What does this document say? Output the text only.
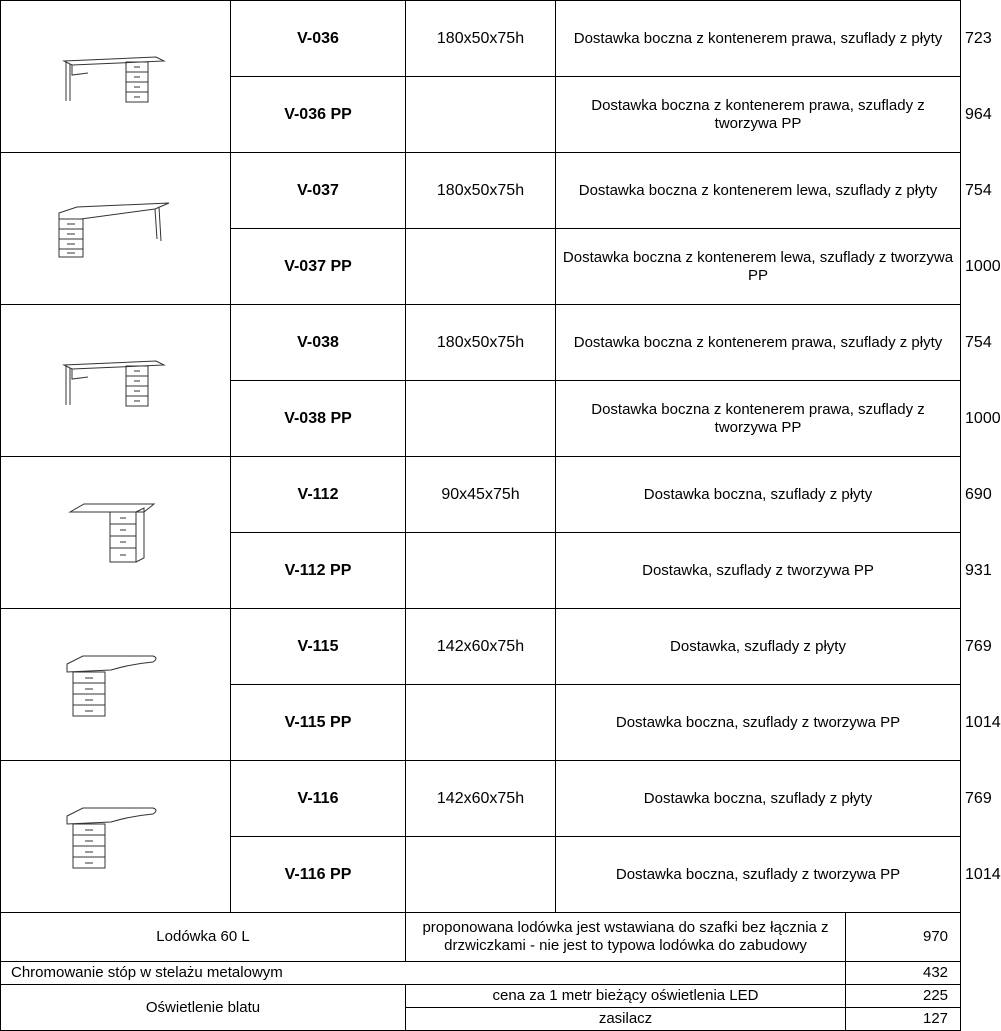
	V-036	180x50x75h	Dostawka boczna z kontenerem prawa, szuflady z płyty		723
	V-036 PP		Dostawka boczna z kontenerem prawa, szuflady z tworzywa PP		964

	V-037	180x50x75h	Dostawka boczna z kontenerem lewa, szuflady z płyty		754
	V-037 PP		Dostawka boczna z kontenerem lewa, szuflady z tworzywa PP		1000

	V-038	180x50x75h	Dostawka boczna z kontenerem prawa, szuflady z płyty		754
	V-038 PP		Dostawka boczna z kontenerem prawa, szuflady z tworzywa PP		1000

	V-112	90x45x75h	Dostawka boczna, szuflady z płyty		690
	V-112 PP		Dostawka, szuflady z tworzywa PP		931

	V-115	142x60x75h	Dostawka, szuflady z płyty		769
	V-115 PP		Dostawka boczna, szuflady z tworzywa PP		1014

	V-116	142x60x75h	Dostawka boczna, szuflady z płyty		769
	V-116 PP		Dostawka boczna, szuflady z tworzywa PP		1014
Lodówka 60 L		proponowana lodówka jest wstawiana do szafki bez łącznia z drzwiczkami - nie jest to typowa lodówka do zabudowy		970	
Chromowanie stóp w stelażu metalowym				432	
Oświetlenie blatu		cena za 1 metr bieżący oświetlenia LED		225	
		zasilacz		127	
